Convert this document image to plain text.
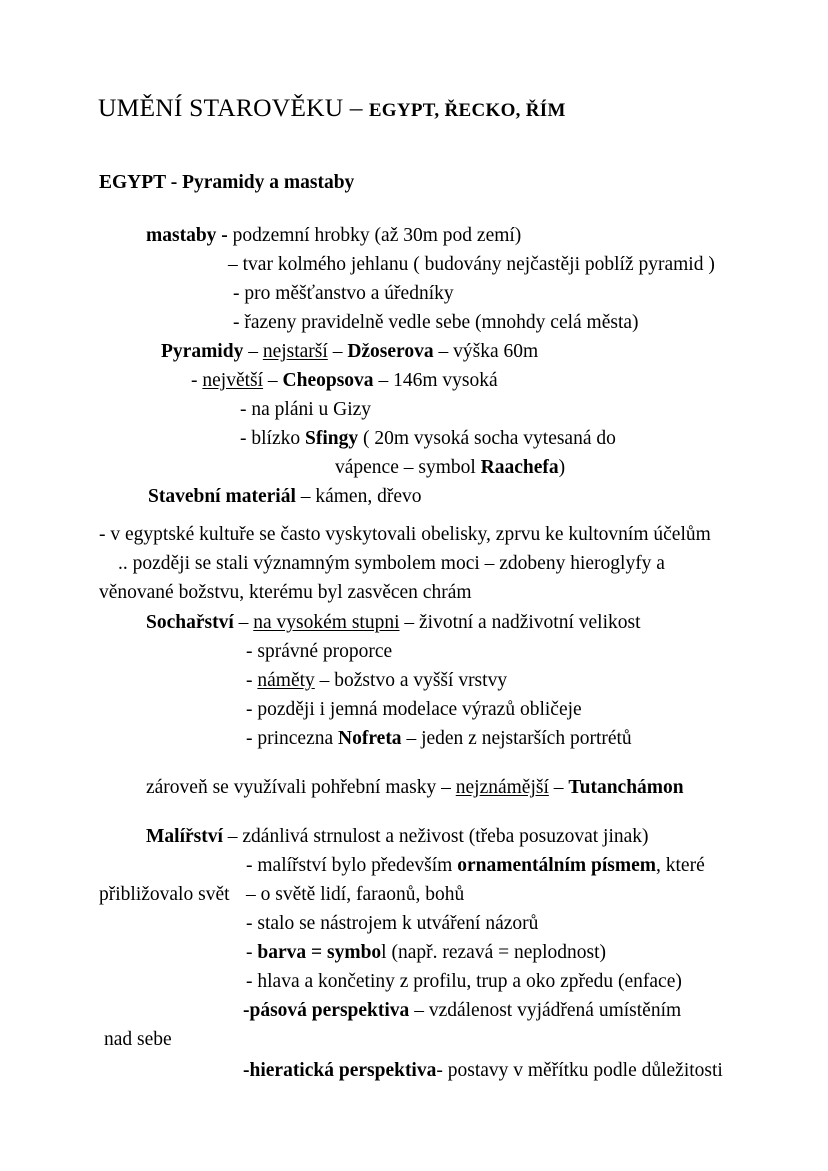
UMĚNÍ STAROVĚKU – EGYPT, ŘECKO, ŘÍM
EGYPT - Pyramidy a mastaby
mastaby - podzemní hrobky (až 30m pod zemí)
– tvar kolmého jehlanu ( budovány nejčastěji poblíž pyramid )
- pro měšťanstvo a úředníky
- řazeny pravidelně vedle sebe (mnohdy celá města)
Pyramidy – nejstarší – Džoserova – výška 60m
- největší – Cheopsova – 146m vysoká
- na pláni u Gizy
- blízko Sfingy ( 20m vysoká socha vytesaná do
vápence – symbol Raachefa)
Stavební materiál – kámen, dřevo
- v egyptské kultuře se často vyskytovali obelisky, zprvu ke kultovním účelům
.. později se stali významným symbolem moci – zdobeny hieroglyfy a
věnované božstvu, kterému byl zasvěcen chrám
Sochařství – na vysokém stupni – životní a nadživotní velikost
- správné proporce
- náměty – božstvo a vyšší vrstvy
- později i jemná modelace výrazů obličeje
- princezna Nofreta – jeden z nejstarších portrétů
zároveň se využívali pohřební masky – nejznámější – Tutanchámon
Malířství – zdánlivá strnulost a neživost (třeba posuzovat jinak)
- malířství bylo především ornamentálním písmem, které
přibližovalo svět – o světě lidí, faraonů, bohů
- stalo se nástrojem k utváření názorů
- barva = symbol (např. rezavá = neplodnost)
- hlava a končetiny z profilu, trup a oko zpředu (enface)
-pásová perspektiva – vzdálenost vyjádřená umístěním
nad sebe
-hieratická perspektiva- postavy v měřítku podle důležitosti
